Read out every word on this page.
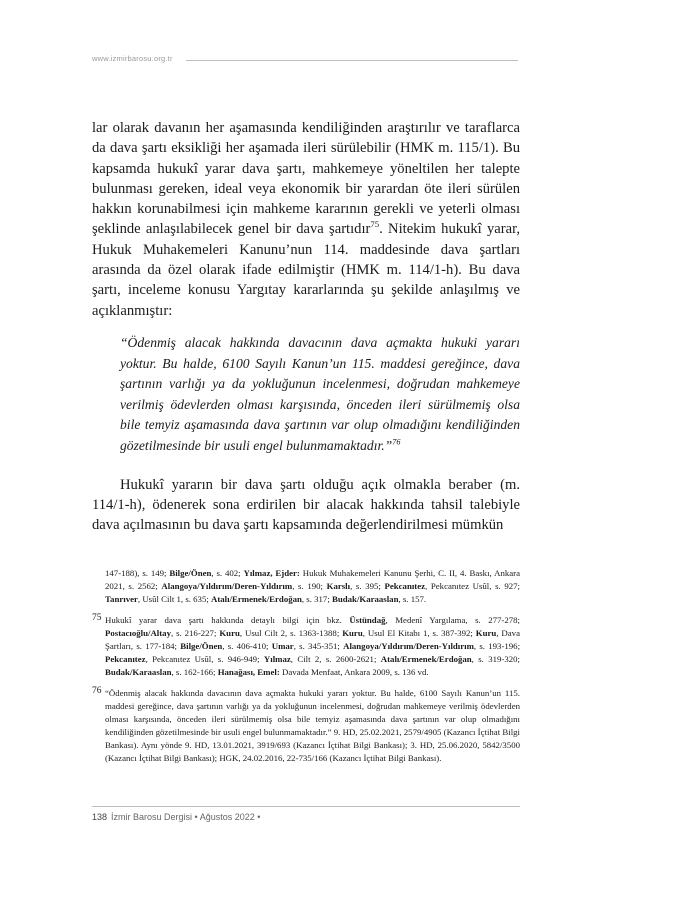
www.izmirbarosu.org.tr

lar olarak davanın her aşamasında kendiliğinden araştırılır ve taraflarca da dava şartı eksikliği her aşamada ileri sürülebilir (HMK m. 115/1). Bu kapsamda hukukî yarar dava şartı, mahkemeye yöneltilen her talepte bulunması gereken, ideal veya ekonomik bir yarardan öte ileri sürülen hakkın korunabilmesi için mahkeme kararının gerekli ve yeterli olması şeklinde anlaşılabilecek genel bir dava şartıdır$^{75}$. Nitekim hukukî yarar, Hukuk Muhakemeleri Kanunu’nun 114. maddesinde dava şartları arasında da özel olarak ifade edilmiştir (HMK m. 114/1-h). Bu dava şartı, inceleme konusu Yargıtay kararlarında şu şekilde anlaşılmış ve açıklanmıştır:

“Ödenmiş alacak hakkında davacının dava açmakta hukuki yararı yoktur. Bu halde, 6100 Sayılı Kanun’un 115. maddesi gereğince, dava şartının varlığı ya da yokluğunun incelenmesi, doğrudan mahkemeye verilmiş ödevlerden olması karşısında, önceden ileri sürülmemiş olsa bile temyiz aşamasında dava şartının var olup olmadığını kendiliğinden gözetilmesinde bir usuli engel bulunmamaktadır.”$^{76}$

Hukukî yararın bir dava şartı olduğu açık olmakla beraber (m. 114/1-h), ödenerek sona erdirilen bir alacak hakkında tahsil talebiyle dava açılmasının bu dava şartı kapsamında değerlendirilmesi mümkün

147-188), s. 149; Bilge/Önen, s. 402; Yılmaz, Ejder: Hukuk Muhakemeleri Kanunu Şerhi, C. II, 4. Baskı, Ankara 2021, s. 2562; Alangoya/Yıldırım/Deren-Yıldırım, s. 190; Karslı, s. 395; Pekcanıtez, Pekcanıtez Usûl, s. 927; Tanrıver, Usûl Cilt 1, s. 635; Atalı/Ermenek/Erdoğan, s. 317; Budak/Karaaslan, s. 157.

75 Hukukî yarar dava şartı hakkında detaylı bilgi için bkz. Üstündağ, Medenî Yargılama, s. 277-278; Postacıoğlu/Altay, s. 216-227; Kuru, Usul Cilt 2, s. 1363-1388; Kuru, Usul El Kitabı 1, s. 387-392; Kuru, Dava Şartları, s. 177-184; Bilge/Önen, s. 406-410; Umar, s. 345-351; Alangoya/Yıldırım/Deren-Yıldırım, s. 193-196; Pekcanıtez, Pekcanıtez Usûl, s. 946-949; Yılmaz, Cilt 2, s. 2600-2621; Atalı/Ermenek/Erdoğan, s. 319-320; Budak/Karaaslan, s. 162-166; Hanağası, Emel: Davada Menfaat, Ankara 2009, s. 136 vd.

76 “Ödenmiş alacak hakkında davacının dava açmakta hukuki yararı yoktur. Bu halde, 6100 Sayılı Kanun’un 115. maddesi gereğince, dava şartının varlığı ya da yokluğunun incelenmesi, doğrudan mahkemeye verilmiş ödevlerden olması karşısında, önceden ileri sürülmemiş olsa bile temyiz aşamasında dava şartının var olup olmadığını kendiliğinden gözetilmesinde bir usuli engel bulunmamaktadır.” 9. HD, 25.02.2021, 2579/4905 (Kazancı İçtihat Bilgi Bankası). Aynı yönde 9. HD, 13.01.2021, 3919/693 (Kazancı İçtihat Bilgi Bankası); 3. HD, 25.06.2020, 5842/3500 (Kazancı İçtihat Bilgi Bankası); HGK, 24.02.2016, 22-735/166 (Kazancı İçtihat Bilgi Bankası).

138 İzmir Barosu Dergisi • Ağustos 2022 •
